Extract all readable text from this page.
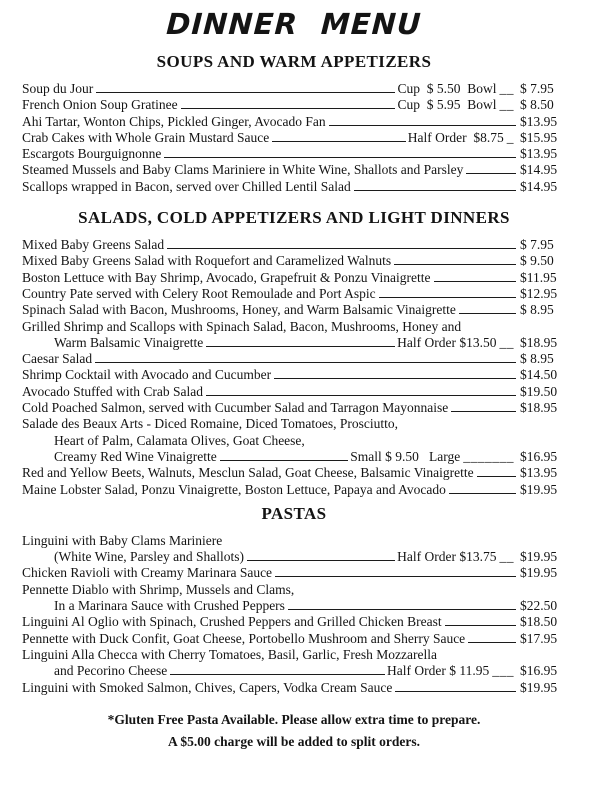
DINNER MENU
SOUPS AND WARM APPETIZERS
Soup du Jour	Cup  $ 5.50  Bowl __ $ 7.95
French Onion Soup Gratinee	Cup  $ 5.95  Bowl __ $ 8.50
Ahi Tartar, Wonton Chips, Pickled Ginger, Avocado Fan	$13.95
Crab Cakes with Whole Grain Mustard Sauce	Half Order  $8.75 _ $15.95
Escargots Bourguignonne	$13.95
Steamed Mussels and Baby Clams Mariniere in White Wine, Shallots and Parsley	$14.95
Scallops wrapped in Bacon, served over Chilled Lentil Salad	$14.95
SALADS, COLD APPETIZERS AND LIGHT DINNERS
Mixed Baby Greens Salad	$ 7.95
Mixed Baby Greens Salad with Roquefort and Caramelized Walnuts	$ 9.50
Boston Lettuce with Bay Shrimp, Avocado, Grapefruit & Ponzu Vinaigrette	$11.95
Country Pate served with Celery Root Remoulade and Port Aspic	$12.95
Spinach Salad with Bacon, Mushrooms, Honey, and Warm Balsamic Vinaigrette	$ 8.95
Grilled Shrimp and Scallops with Spinach Salad, Bacon, Mushrooms, Honey and
Warm Balsamic Vinaigrette	Half Order $13.50 __ $18.95
Caesar Salad	$ 8.95
Shrimp Cocktail with Avocado and Cucumber	$14.50
Avocado Stuffed with Crab Salad	$19.50
Cold Poached Salmon, served with Cucumber Salad and Tarragon Mayonnaise	$18.95
Salade des Beaux Arts - Diced Romaine, Diced Tomatoes, Prosciutto,
Heart of Palm, Calamata Olives, Goat Cheese,
Creamy Red Wine Vinaigrette	Small $ 9.50   Large _______ $16.95
Red and Yellow Beets, Walnuts, Mesclun Salad, Goat Cheese, Balsamic Vinaigrette	$13.95
Maine Lobster Salad, Ponzu Vinaigrette, Boston Lettuce, Papaya and Avocado	$19.95
PASTAS
Linguini with Baby Clams Mariniere
(White Wine, Parsley and Shallots)	Half Order $13.75 __ $19.95
Chicken Ravioli with Creamy Marinara Sauce	$19.95
Pennette Diablo with Shrimp, Mussels and Clams,
In a Marinara Sauce with Crushed Peppers	$22.50
Linguini Al Oglio with Spinach, Crushed Peppers and Grilled Chicken Breast	$18.50
Pennette with Duck Confit, Goat Cheese, Portobello Mushroom and Sherry Sauce	$17.95
Linguini Alla Checca with Cherry Tomatoes, Basil, Garlic, Fresh Mozzarella
and Pecorino Cheese	Half Order $ 11.95 ___ $16.95
Linguini with Smoked Salmon, Chives, Capers, Vodka Cream Sauce	$19.95
*Gluten Free Pasta Available. Please allow extra time to prepare.
A $5.00 charge will be added to split orders.
